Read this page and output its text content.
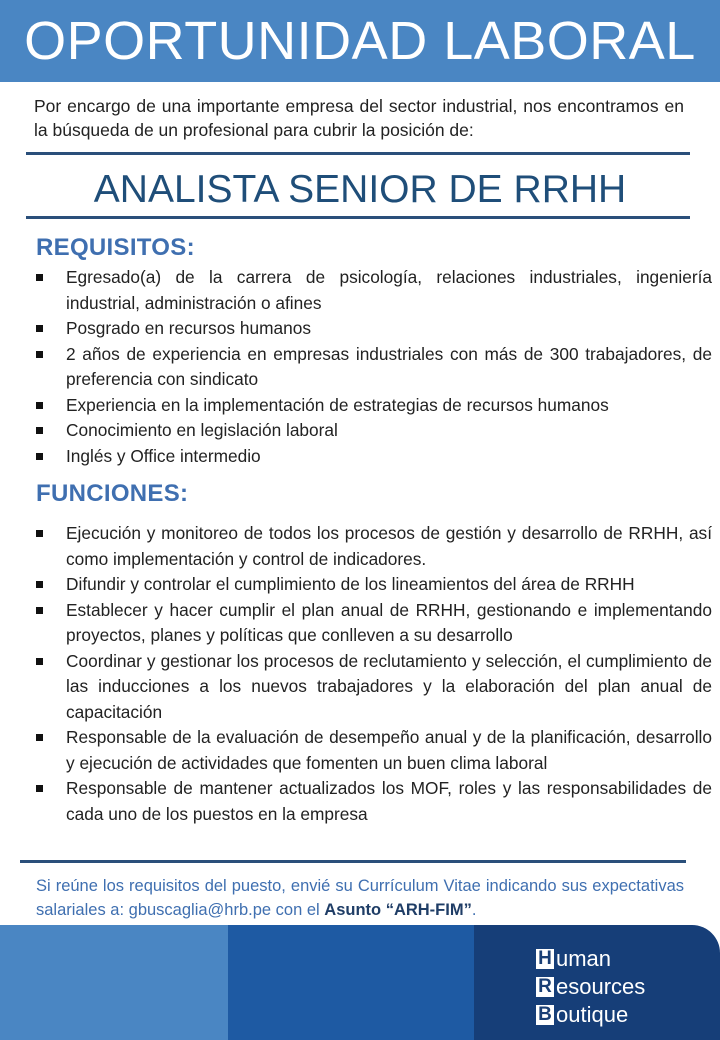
OPORTUNIDAD LABORAL
Por encargo de una importante empresa del sector industrial, nos encontramos en la búsqueda de un profesional para cubrir la posición de:
ANALISTA SENIOR DE RRHH
REQUISITOS:
Egresado(a) de la carrera de psicología, relaciones industriales, ingeniería industrial, administración o afines
Posgrado en recursos humanos
2 años de experiencia en empresas industriales con más de 300 trabajadores, de preferencia con sindicato
Experiencia en la implementación de estrategias de recursos humanos
Conocimiento en legislación laboral
Inglés y Office intermedio
FUNCIONES:
Ejecución y monitoreo de todos los procesos de gestión y desarrollo de RRHH, así como implementación y control de indicadores.
Difundir y controlar el cumplimiento de los lineamientos del área de RRHH
Establecer y hacer cumplir el plan anual de RRHH, gestionando e implementando proyectos, planes y políticas que conlleven a su desarrollo
Coordinar y gestionar los procesos de reclutamiento y selección, el cumplimiento de las inducciones a los nuevos trabajadores y la elaboración del plan anual de capacitación
Responsable de la evaluación de desempeño anual y de la planificación, desarrollo y ejecución de actividades que fomenten un buen clima laboral
Responsable de mantener actualizados los MOF, roles y las responsabilidades de cada uno de los puestos en la empresa
Si reúne los requisitos del puesto, envié su Currículum Vitae indicando sus expectativas salariales a: gbuscaglia@hrb.pe con el Asunto “ARH-FIM”.
H uman
R esources
B outique
